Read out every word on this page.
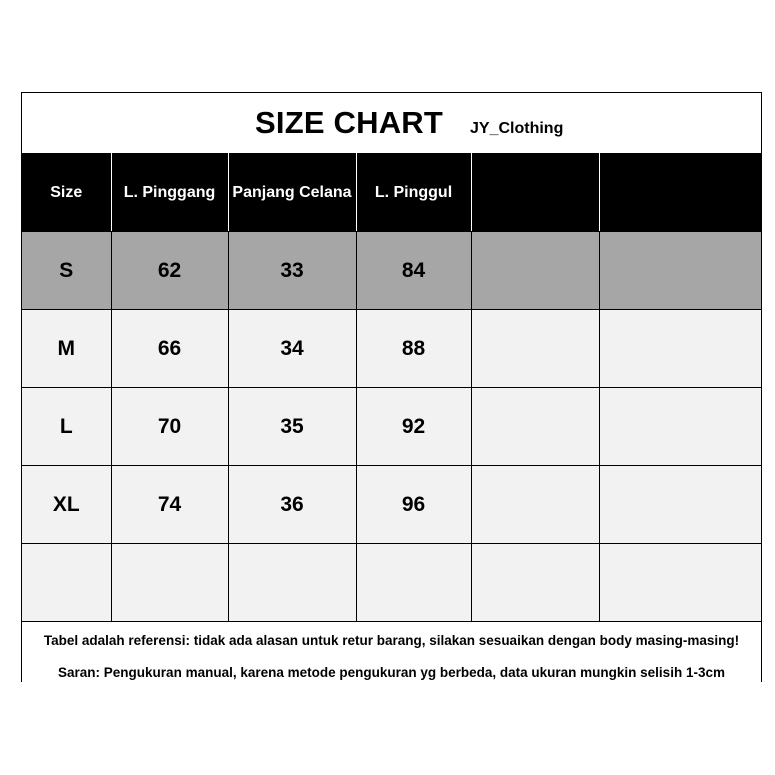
SIZE CHART JY_Clothing
Size	L. Pinggang	Panjang Celana	L. Pinggul		
S	62	33	84		
M	66	34	88		
L	70	35	92		
XL	74	36	96		

Tabel adalah referensi: tidak ada alasan untuk retur barang, silakan sesuaikan dengan body masing-masing!
Saran: Pengukuran manual, karena metode pengukuran yg berbeda, data ukuran mungkin selisih 1-3cm
